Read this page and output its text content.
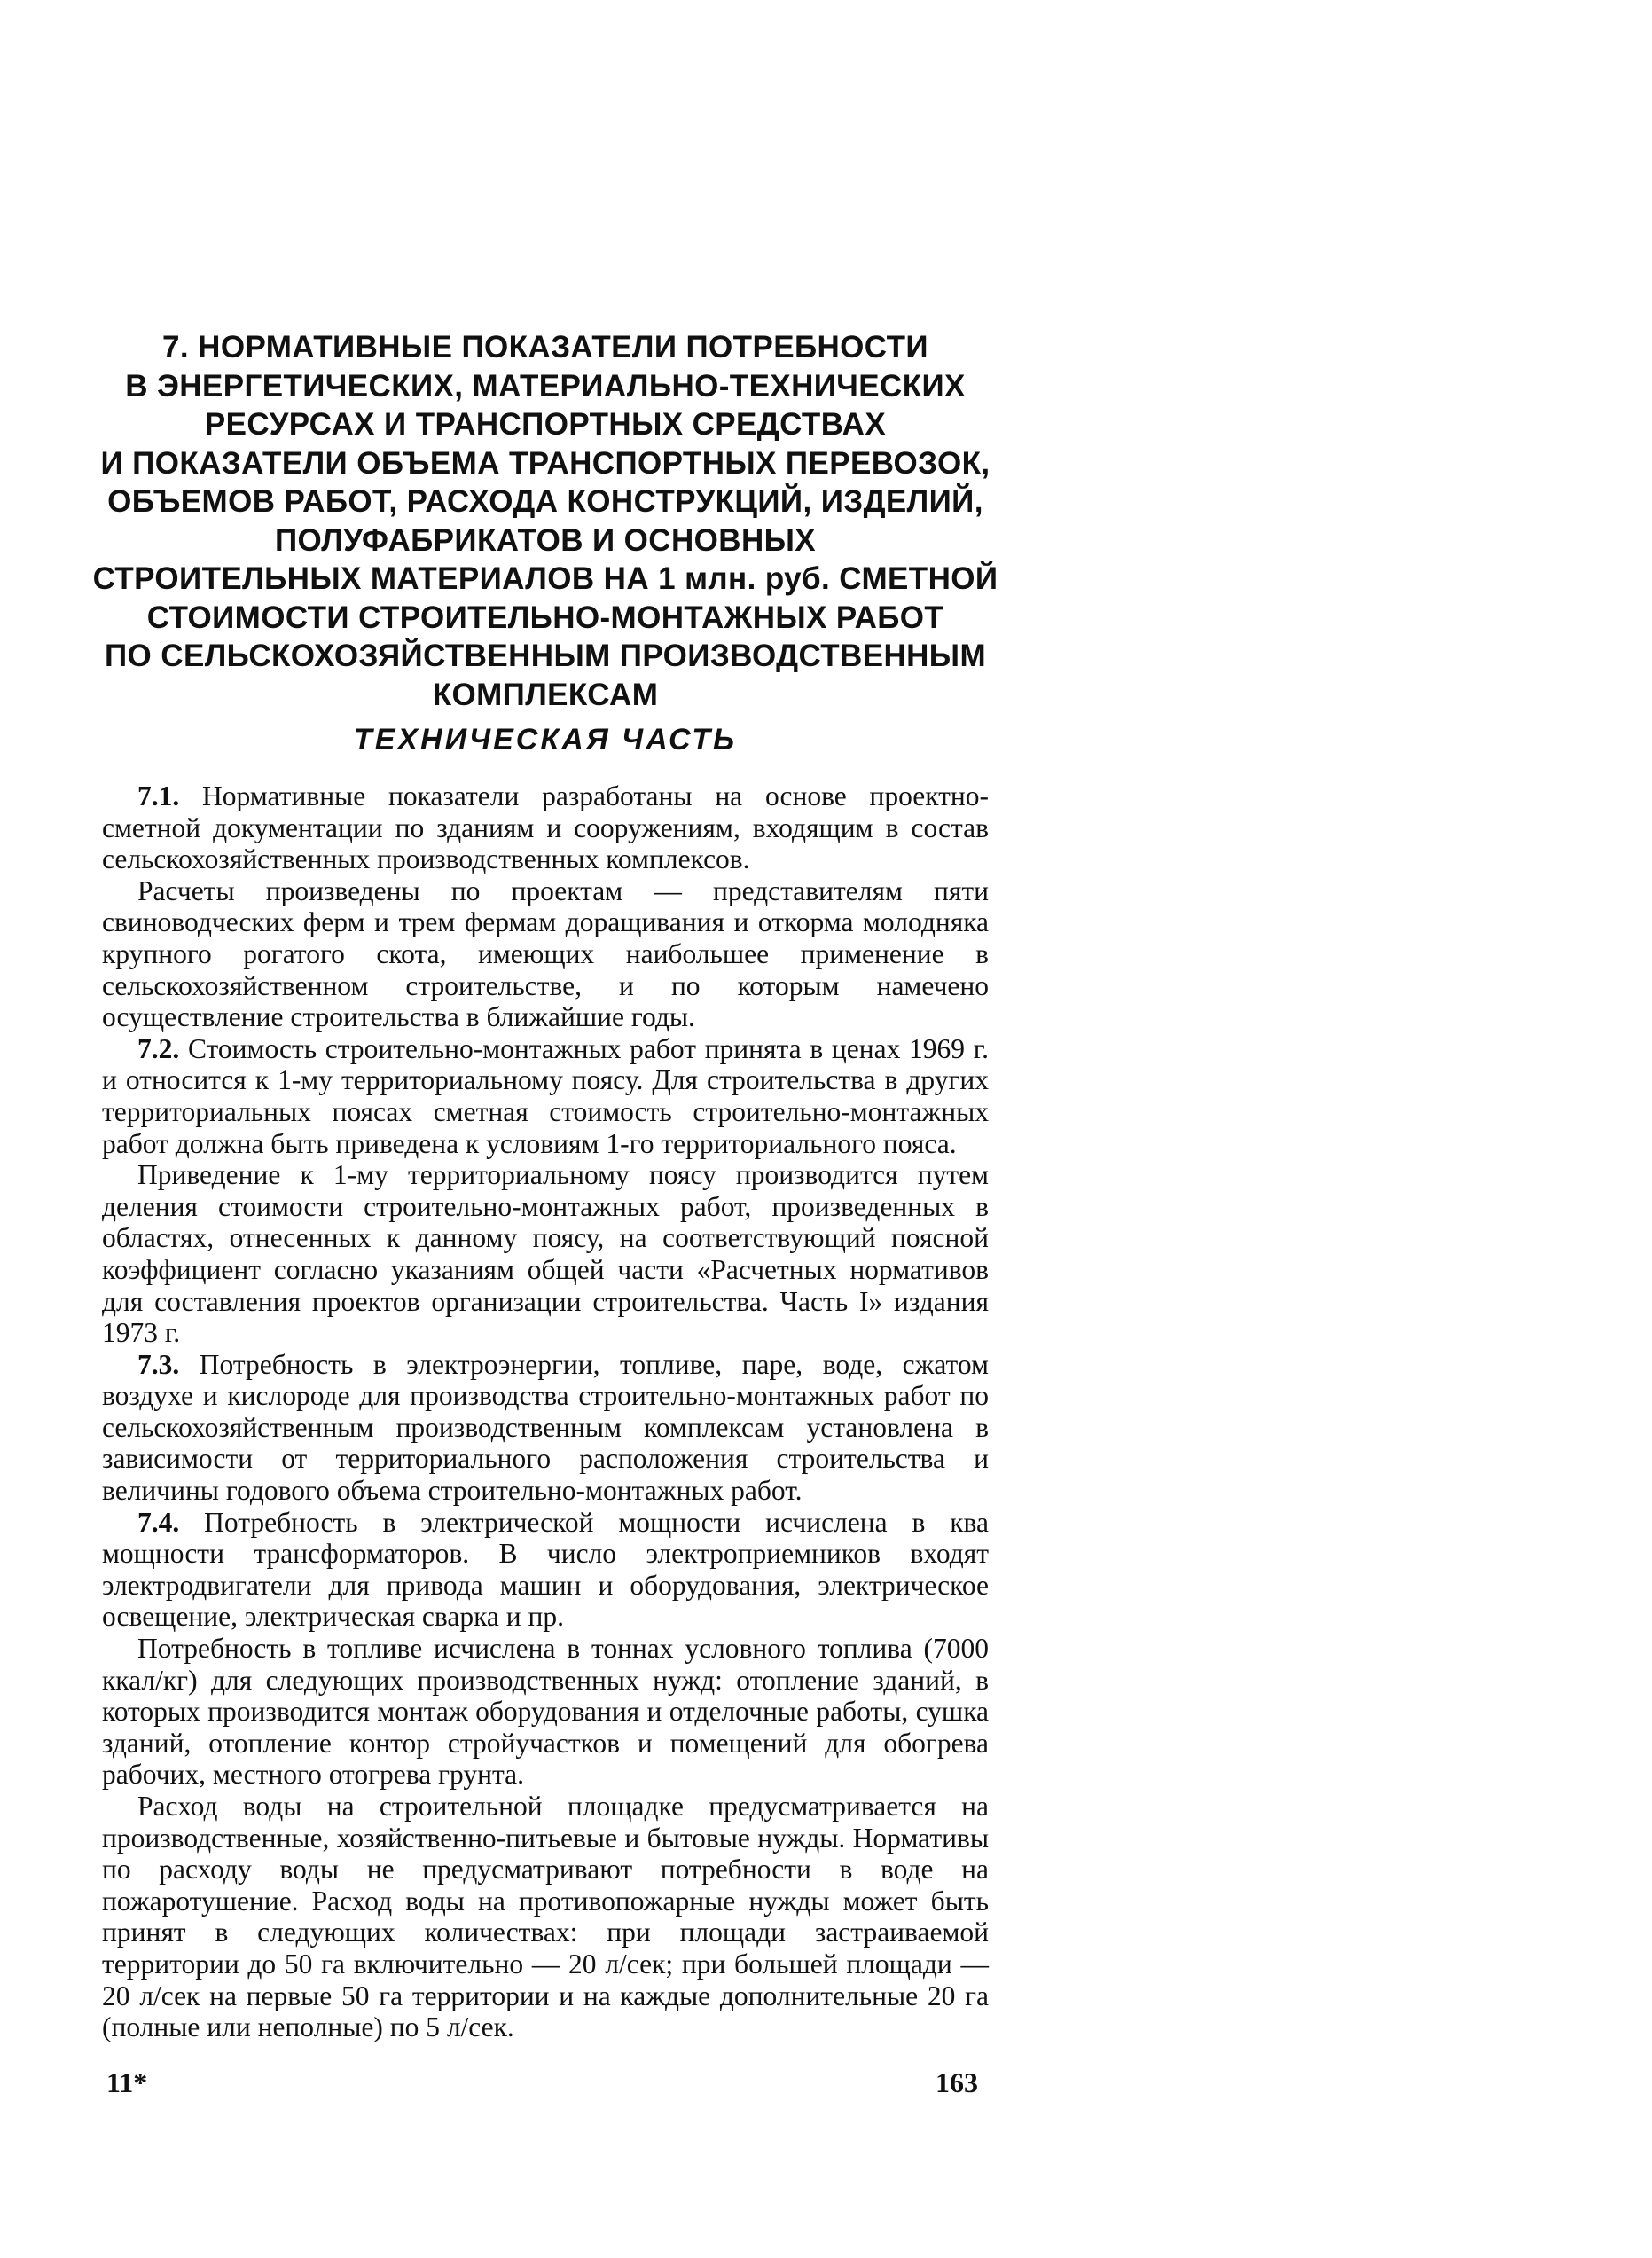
7. НОРМАТИВНЫЕ ПОКАЗАТЕЛИ ПОТРЕБНОСТИ
В ЭНЕРГЕТИЧЕСКИХ, МАТЕРИАЛЬНО-ТЕХНИЧЕСКИХ
РЕСУРСАХ И ТРАНСПОРТНЫХ СРЕДСТВАХ
И ПОКАЗАТЕЛИ ОБЪЕМА ТРАНСПОРТНЫХ ПЕРЕВОЗОК,
ОБЪЕМОВ РАБОТ, РАСХОДА КОНСТРУКЦИЙ, ИЗДЕЛИЙ,
ПОЛУФАБРИКАТОВ И ОСНОВНЫХ
СТРОИТЕЛЬНЫХ МАТЕРИАЛОВ НА 1 млн. руб. СМЕТНОЙ
СТОИМОСТИ СТРОИТЕЛЬНО-МОНТАЖНЫХ РАБОТ
ПО СЕЛЬСКОХОЗЯЙСТВЕННЫМ ПРОИЗВОДСТВЕННЫМ
КОМПЛЕКСАМ
ТЕХНИЧЕСКАЯ ЧАСТЬ

7.1. Нормативные показатели разработаны на основе проектно-сметной документации по зданиям и сооружениям, входящим в состав сельскохозяйственных производственных комплексов.

Расчеты произведены по проектам — представителям пяти свиноводческих ферм и трем фермам доращивания и откорма молодняка крупного рогатого скота, имеющих наибольшее применение в сельскохозяйственном строительстве, и по которым намечено осуществление строительства в ближайшие годы.

7.2. Стоимость строительно-монтажных работ принята в ценах 1969 г. и относится к 1-му территориальному поясу. Для строительства в других территориальных поясах сметная стоимость строительно-монтажных работ должна быть приведена к условиям 1-го территориального пояса.

Приведение к 1-му территориальному поясу производится путем деления стоимости строительно-монтажных работ, произведенных в областях, отнесенных к данному поясу, на соответствующий поясной коэффициент согласно указаниям общей части «Расчетных нормативов для составления проектов организации строительства. Часть I» издания 1973 г.

7.3. Потребность в электроэнергии, топливе, паре, воде, сжатом воздухе и кислороде для производства строительно-монтажных работ по сельскохозяйственным производственным комплексам установлена в зависимости от территориального расположения строительства и величины годового объема строительно-монтажных работ.

7.4. Потребность в электрической мощности исчислена в ква мощности трансформаторов. В число электроприемников входят электродвигатели для привода машин и оборудования, электрическое освещение, электрическая сварка и пр.

Потребность в топливе исчислена в тоннах условного топлива (7000 ккал/кг) для следующих производственных нужд: отопление зданий, в которых производится монтаж оборудования и отделочные работы, сушка зданий, отопление контор стройучастков и помещений для обогрева рабочих, местного отогрева грунта.

Расход воды на строительной площадке предусматривается на производственные, хозяйственно-питьевые и бытовые нужды. Нормативы по расходу воды не предусматривают потребности в воде на пожаротушение. Расход воды на противопожарные нужды может быть принят в следующих количествах: при площади застраиваемой территории до 50 га включительно — 20 л/сек; при большей площади — 20 л/сек на первые 50 га территории и на каждые дополнительные 20 га (полные или неполные) по 5 л/сек.

11*	163
